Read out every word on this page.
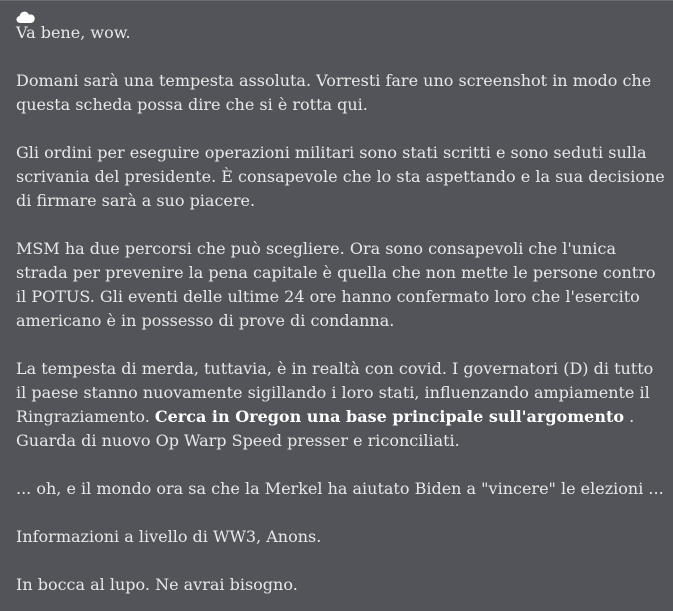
Va bene, wow.

Domani sarà una tempesta assoluta. Vorresti fare uno screenshot in modo che questa scheda possa dire che si è rotta qui.

Gli ordini per eseguire operazioni militari sono stati scritti e sono seduti sulla scrivania del presidente. È consapevole che lo sta aspettando e la sua decisione di firmare sarà a suo piacere.

MSM ha due percorsi che può scegliere. Ora sono consapevoli che l'unica strada per prevenire la pena capitale è quella che non mette le persone contro il POTUS. Gli eventi delle ultime 24 ore hanno confermato loro che l'esercito americano è in possesso di prove di condanna.

La tempesta di merda, tuttavia, è in realtà con covid. I governatori (D) di tutto il paese stanno nuovamente sigillando i loro stati, influenzando ampiamente il Ringraziamento. Cerca in Oregon una base principale sull'argomento . Guarda di nuovo Op Warp Speed presser e riconciliati.

... oh, e il mondo ora sa che la Merkel ha aiutato Biden a "vincere" le elezioni ...

Informazioni a livello di WW3, Anons.

In bocca al lupo. Ne avrai bisogno.
